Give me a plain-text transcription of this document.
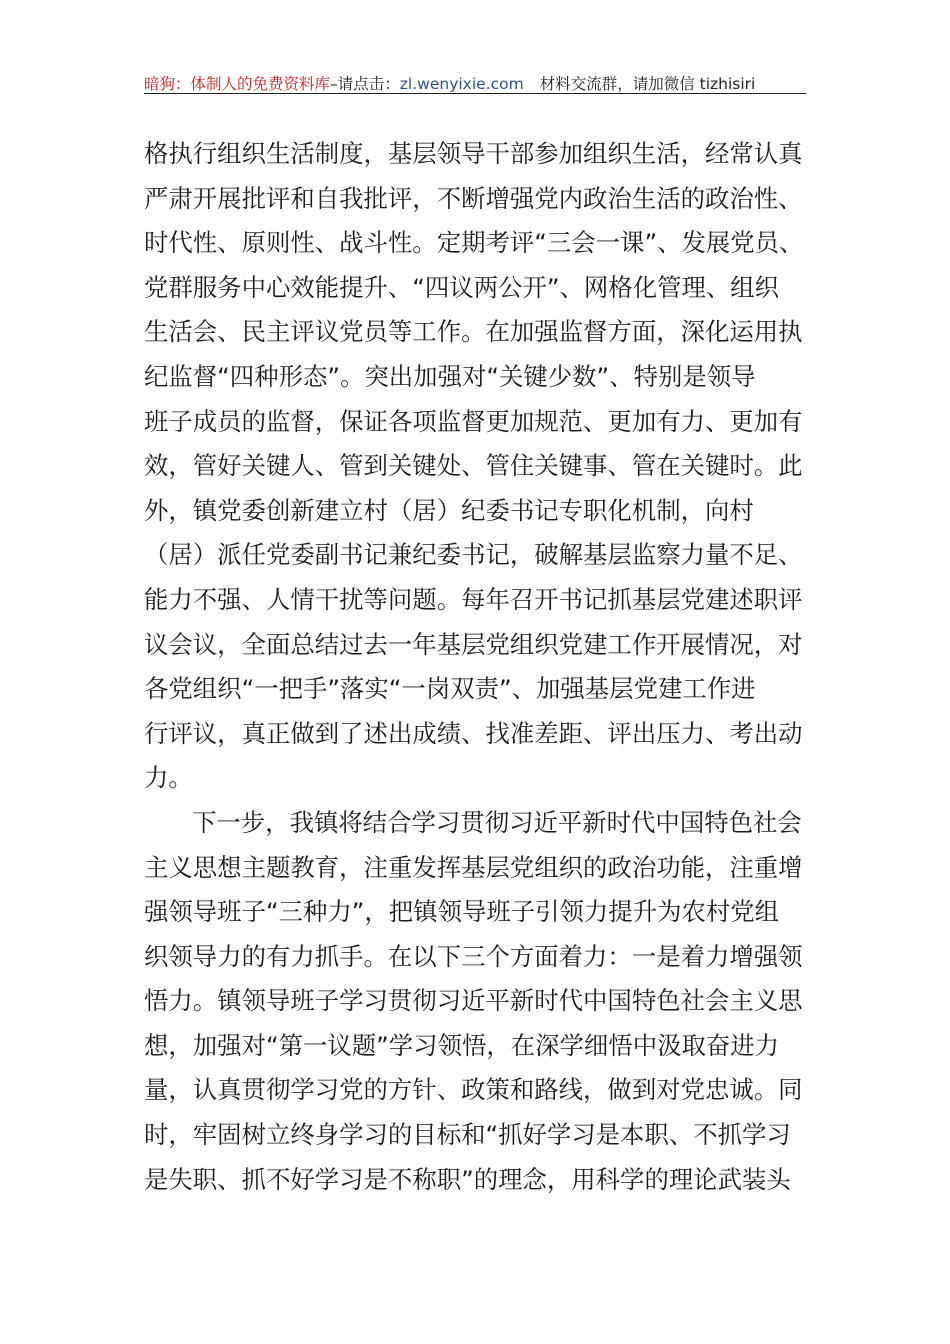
暗狗：体制人的免费资料库 –请点击： zl.wenyixie.com 材料交流群，请加微信 tizhisiri
格执行组织生活制度，基层领导干部参加组织生活，经常认真
严肃开展批评和自我批评，不断增强党内政治生活的政治性、
时代性、原则性、战斗性。定期考评“三会一课”、发展党员、
党群服务中心效能提升、“四议两公开”、网格化管理、组织
生活会、民主评议党员等工作。在加强监督方面，深化运用执
纪监督“四种形态”。突出加强对“关键少数”、特别是领导
班子成员的监督，保证各项监督更加规范、更加有力、更加有
效，管好关键人、管到关键处、管住关键事、管在关键时。此
外，镇党委创新建立村（居）纪委书记专职化机制，向村
（居）派任党委副书记兼纪委书记，破解基层监察力量不足、
能力不强、人情干扰等问题。每年召开书记抓基层党建述职评
议会议，全面总结过去一年基层党组织党建工作开展情况，对
各党组织“一把手”落实“一岗双责”、加强基层党建工作进
行评议，真正做到了述出成绩、找准差距、评出压力、考出动
力。
下一步，我镇将结合学习贯彻习近平新时代中国特色社会
主义思想主题教育，注重发挥基层党组织的政治功能，注重增
强领导班子“三种力”，把镇领导班子引领力提升为农村党组
织领导力的有力抓手。在以下三个方面着力：一是着力增强领
悟力。镇领导班子学习贯彻习近平新时代中国特色社会主义思
想，加强对“第一议题”学习领悟，在深学细悟中汲取奋进力
量，认真贯彻学习党的方针、政策和路线，做到对党忠诚。同
时，牢固树立终身学习的目标和“抓好学习是本职、不抓学习
是失职、抓不好学习是不称职”的理念，用科学的理论武装头
